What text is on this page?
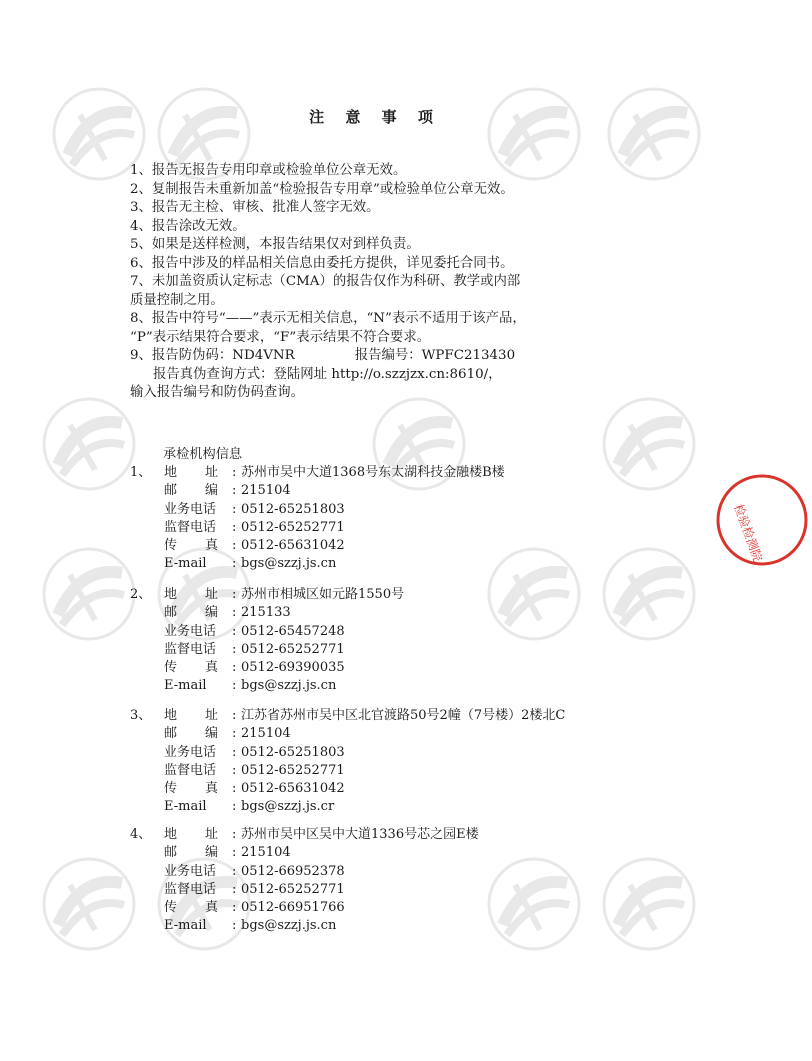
检验检测院
注 意 事 项
1、报告无报告专用印章或检验单位公章无效。
2、复制报告未重新加盖“检验报告专用章”或检验单位公章无效。
3、报告无主检、审核、批准人签字无效。
4、报告涂改无效。
5、如果是送样检测，本报告结果仅对到样负责。
6、报告中涉及的样品相关信息由委托方提供，详见委托合同书。
7、未加盖资质认定标志（CMA）的报告仅作为科研、教学或内部
质量控制之用。
8、报告中符号“——”表示无相关信息，“N”表示不适用于该产品，
“P”表示结果符合要求，“F”表示结果不符合要求。
9、报告防伪码：ND4VNR	报告编号：WPFC213430
报告真伪查询方式：登陆网址 http://o.szzjzx.cn:8610/，
输入报告编号和防伪码查询。
承检机构信息
1、 地 址	: 苏州市吴中大道1368号东太湖科技金融楼B楼
邮 编	: 215104
业务电话	: 0512-65251803
监督电话	: 0512-65252771
传 真	: 0512-65631042
E-mail	: bgs@szzj.js.cn
2、 地 址	: 苏州市相城区如元路1550号
邮 编	: 215133
业务电话	: 0512-65457248
监督电话	: 0512-65252771
传 真	: 0512-69390035
E-mail	: bgs@szzj.js.cn
3、 地 址	: 江苏省苏州市吴中区北官渡路50号2幢（7号楼）2楼北C
邮 编	: 215104
业务电话	: 0512-65251803
监督电话	: 0512-65252771
传 真	: 0512-65631042
E-mail	: bgs@szzj.js.cr
4、 地 址	: 苏州市吴中区吴中大道1336号芯之园E楼
邮 编	: 215104
业务电话	: 0512-66952378
监督电话	: 0512-65252771
传 真	: 0512-66951766
E-mail	: bgs@szzj.js.cn
